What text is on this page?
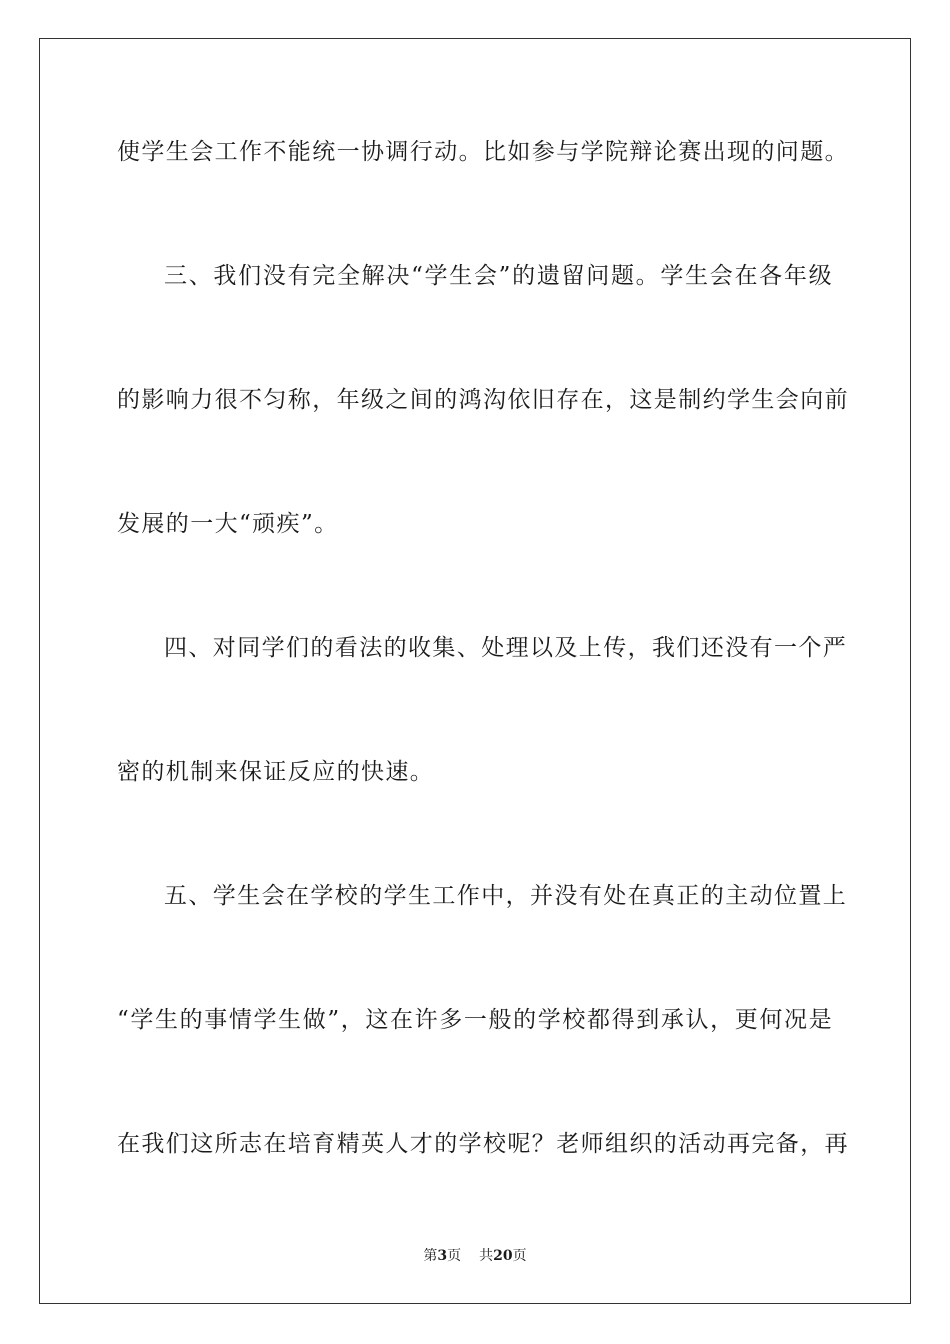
使学生会工作不能统一协调行动。比如参与学院辩论赛出现的问题。
三、我们没有完全解决“学生会”的遗留问题。学生会在各年级
的影响力很不匀称，年级之间的鸿沟依旧存在，这是制约学生会向前
发展的一大“顽疾”。
四、对同学们的看法的收集、处理以及上传，我们还没有一个严
密的机制来保证反应的快速。
五、学生会在学校的学生工作中，并没有处在真正的主动位置上
“学生的事情学生做”，这在许多一般的学校都得到承认，更何况是
在我们这所志在培育精英人才的学校呢？老师组织的活动再完备，再
第3页 共20页
